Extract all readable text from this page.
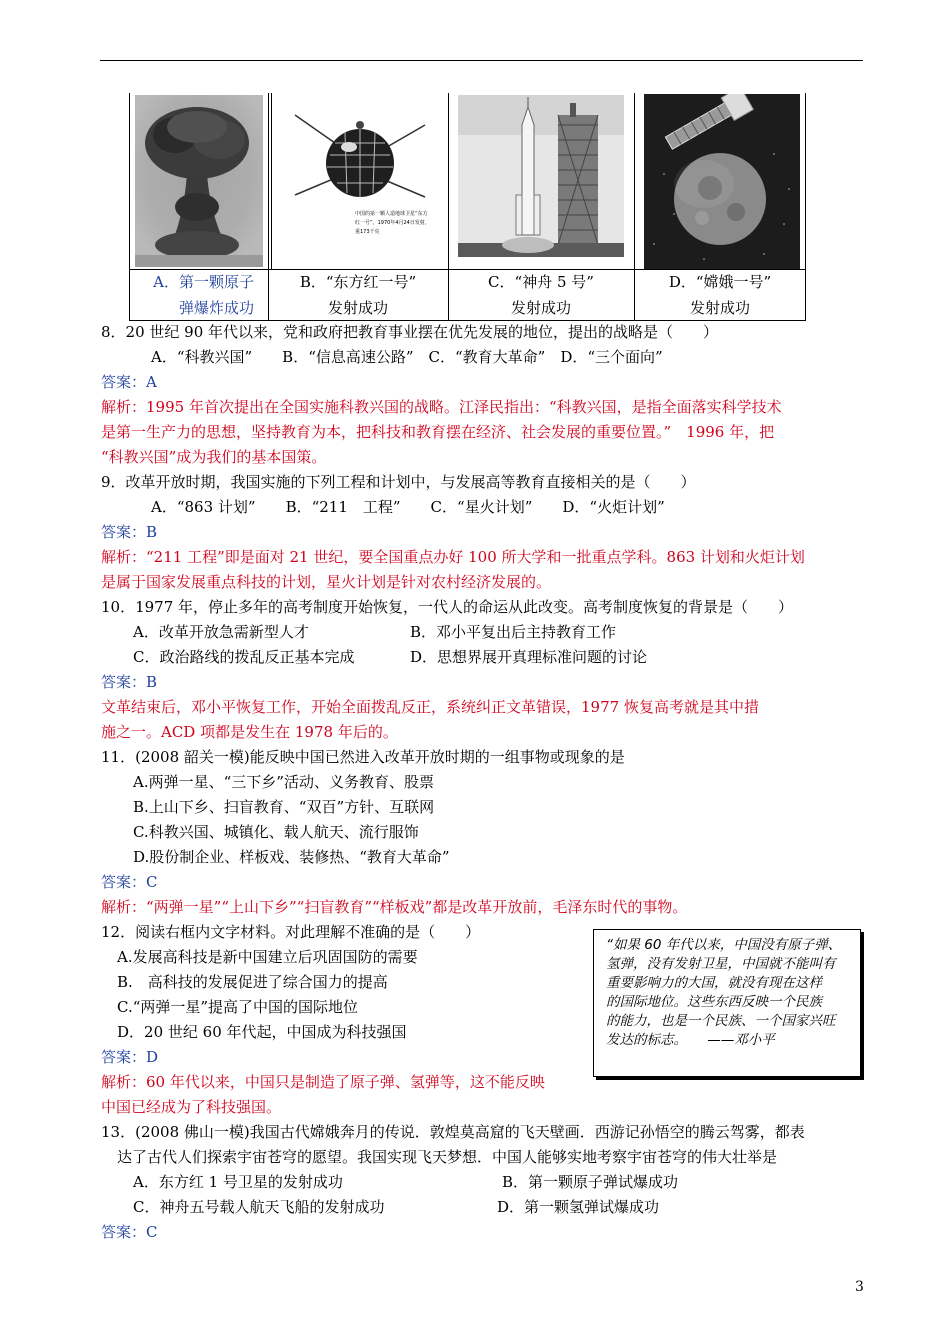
中国的第一颗人造地球卫星“东方
红一号”，1970年4月24日发射，
重173千克
A．第一颗原子
弹爆炸成功
B．“东方红一号”
发射成功
C．“神舟 5 号”
发射成功
D．“嫦娥一号”
发射成功
8．20 世纪 90 年代以来，党和政府把教育事业摆在优先发展的地位，提出的战略是（　　）
A．“科教兴国”　　B．“信息高速公路”　C．“教育大革命”　D．“三个面向”
答案：A
解析：1995 年首次提出在全国实施科教兴国的战略。江泽民指出：“科教兴国，是指全面落实科学技术
是第一生产力的思想，坚持教育为本，把科技和教育摆在经济、社会发展的重要位置。”　1996 年，把
“科教兴国”成为我们的基本国策。
9．改革开放时期，我国实施的下列工程和计划中，与发展高等教育直接相关的是（　　）
A．“863 计划”　　B．“211　工程”　　C．“星火计划”　　D．“火炬计划”
答案：B
解析：“211 工程”即是面对 21 世纪，要全国重点办好 100 所大学和一批重点学科。863 计划和火炬计划
是属于国家发展重点科技的计划，星火计划是针对农村经济发展的。
10．1977 年，停止多年的高考制度开始恢复，一代人的命运从此改变。高考制度恢复的背景是（　　）
A．改革开放急需新型人才	B．邓小平复出后主持教育工作
C．政治路线的拨乱反正基本完成	D．思想界展开真理标准问题的讨论
答案：B
文革结束后，邓小平恢复工作，开始全面拨乱反正，系统纠正文革错误，1977 恢复高考就是其中措
施之一。ACD 项都是发生在 1978 年后的。
11．(2008 韶关一模)能反映中国已然进入改革开放时期的一组事物或现象的是
A.两弹一星、“三下乡”活动、义务教育、股票
B.上山下乡、扫盲教育、“双百”方针、互联网
C.科教兴国、城镇化、载人航天、流行服饰
D.股份制企业、样板戏、装修热、“教育大革命”
答案：C
解析：“两弹一星”“上山下乡”“扫盲教育”“样板戏”都是改革开放前，毛泽东时代的事物。
12．阅读右框内文字材料。对此理解不准确的是（　　）
A.发展高科技是新中国建立后巩固国防的需要
B.　高科技的发展促进了综合国力的提高
C.“两弹一星”提高了中国的国际地位
D．20 世纪 60 年代起，中国成为科技强国
答案：D
解析：60 年代以来，中国只是制造了原子弹、氢弹等，这不能反映
中国已经成为了科技强国。
“如果 60 年代以来，中国没有原子弹、
氢弹，没有发射卫星，中国就不能叫有
重要影响力的大国，就没有现在这样
的国际地位。这些东西反映一个民族
的能力，也是一个民族、一个国家兴旺
发达的标志。　　——邓小平
13．(2008 佛山一模)我国古代嫦娥奔月的传说．敦煌莫高窟的飞天壁画．西游记孙悟空的腾云驾雾，都表
达了古代人们探索宇宙苍穹的愿望。我国实现飞天梦想．中国人能够实地考察宇宙苍穹的伟大壮举是
A．东方红 1 号卫星的发射成功	B．第一颗原子弹试爆成功
C．神舟五号载人航天飞船的发射成功	D．第一颗氢弹试爆成功
答案：C
3
